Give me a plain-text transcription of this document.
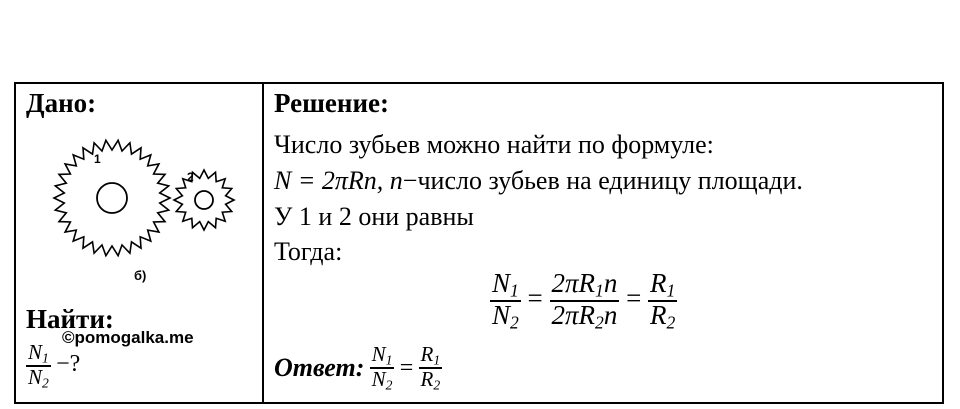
Дано:
1
2
б)
Найти:
©pomogalka.me
$\frac{N_1}{N_2}$ −?
Решение:
Число зубьев можно найти по формуле:
N = 2πRn, n−число зубьев на единицу площади.
У 1 и 2 они равны
Тогда:
$\frac{N_1}{N_2} = \frac{2\pi R_1n}{2\pi R_2n} = \frac{R_1}{R_2}$
Ответ: $\frac{N_1}{N_2} = \frac{R_1}{R_2}$
